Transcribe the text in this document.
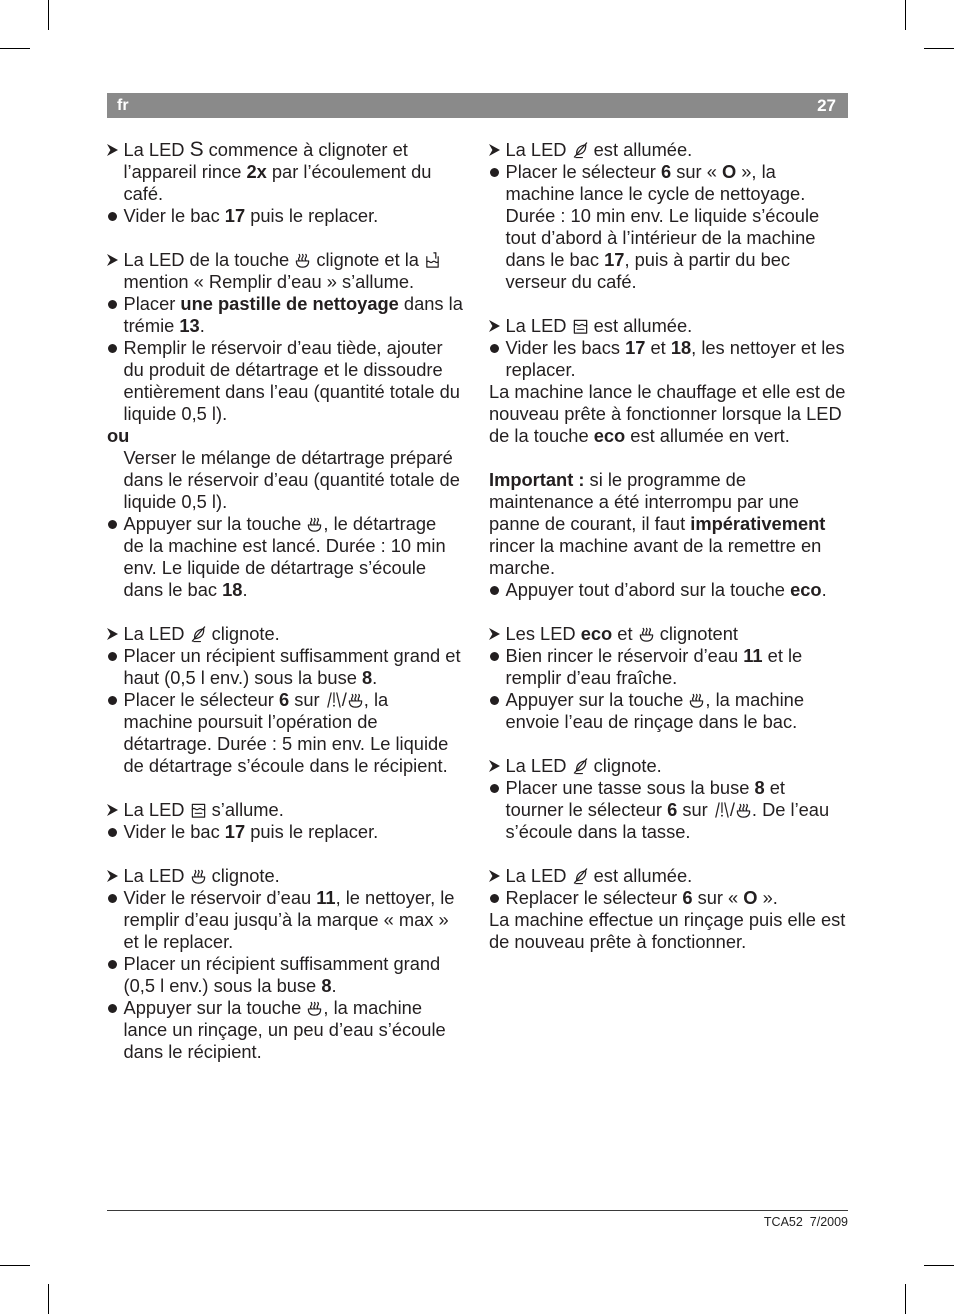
fr	27
La LED S commence à clignoter et
l’appareil rince 2x par l’écoulement du
café.
Vider le bac 17 puis le replacer.
La LED de la touche
clignote et la
mention « Remplir d’eau » s’allume.
Placer une pastille de nettoyage dans la
trémie 13.
Remplir le réservoir d’eau tiède, ajouter
du produit de détartrage et le dissoudre
entièrement dans l’eau (quantité totale du
liquide 0,5 l).
ou
Verser le mélange de détartrage préparé
dans le réservoir d’eau (quantité totale de
liquide 0,5 l).
Appuyer sur la touche
, le détartrage
de la machine est lancé. Durée : 10 min
env. Le liquide de détartrage s’écoule
dans le bac 18.
La LED
clignote.
Placer un récipient suffisamment grand et
haut (0,5 l env.) sous la buse 8.
Placer le sélecteur 6 sur
/ , la
machine poursuit l’opération de
détartrage. Durée : 5 min env. Le liquide
de détartrage s’écoule dans le récipient.
La LED
s’allume.
Vider le bac 17 puis le replacer.
La LED
clignote.
Vider le réservoir d’eau 11, le nettoyer, le
remplir d’eau jusqu’à la marque « max »
et le replacer.
Placer un récipient suffisamment grand
(0,5 l env.) sous la buse 8.
Appuyer sur la touche
, la machine
lance un rinçage, un peu d’eau s’écoule
dans le récipient.
La LED
est allumée.
Placer le sélecteur 6 sur « O », la
machine lance le cycle de nettoyage.
Durée : 10 min env. Le liquide s’écoule
tout d’abord à l’intérieur de la machine
dans le bac 17, puis à partir du bec
verseur du café.
La LED
est allumée.
Vider les bacs 17 et 18, les nettoyer et les
replacer.
La machine lance le chauffage et elle est de
nouveau prête à fonctionner lorsque la LED
de la touche eco est allumée en vert.
Important : si le programme de
maintenance a été interrompu par une
panne de courant, il faut impérativement
rincer la machine avant de la remettre en
marche.
Appuyer tout d’abord sur la touche eco.
Les LED eco et
clignotent
Bien rincer le réservoir d’eau 11 et le
remplir d’eau fraîche.
Appuyer sur la touche
, la machine
envoie l’eau de rinçage dans le bac.
La LED
clignote.
Placer une tasse sous la buse 8 et
tourner le sélecteur 6 sur
/ . De l’eau
s’écoule dans la tasse.
La LED
est allumée.
Replacer le sélecteur 6 sur « O ».
La machine effectue un rinçage puis elle est
de nouveau prête à fonctionner.
TCA52 7/2009
